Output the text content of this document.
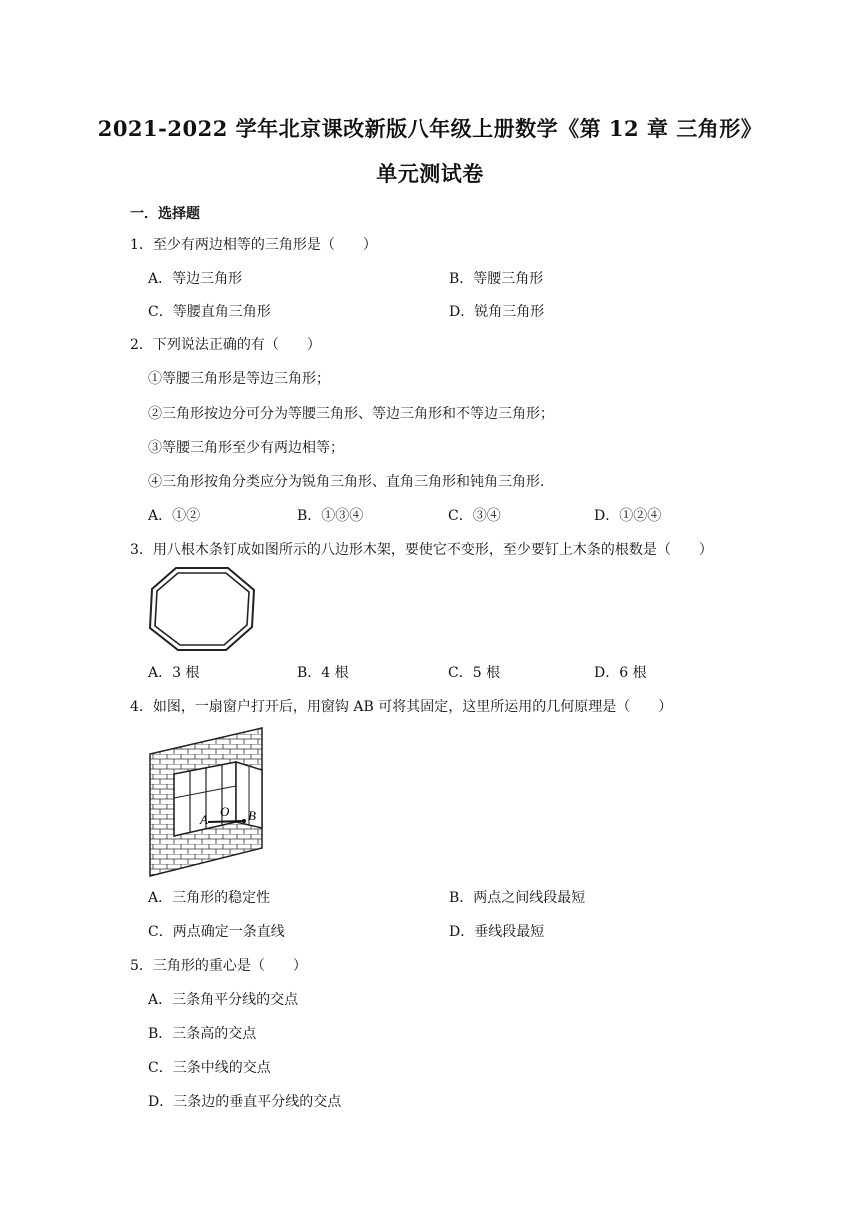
2021-2022 学年北京课改新版八年级上册数学《第 12 章 三角形》
单元测试卷
一．选择题
1．至少有两边相等的三角形是（　　）
A．等边三角形	B．等腰三角形
C．等腰直角三角形	D．锐角三角形
2．下列说法正确的有（　　）
①等腰三角形是等边三角形；
②三角形按边分可分为等腰三角形、等边三角形和不等边三角形；
③等腰三角形至少有两边相等；
④三角形按角分类应分为锐角三角形、直角三角形和钝角三角形．
A．①②	B．①③④	C．③④	D．①②④
3．用八根木条钉成如图所示的八边形木架，要使它不变形，至少要钉上木条的根数是（　　）
A．3 根	B．4 根	C．5 根	D．6 根
4．如图，一扇窗户打开后，用窗钩 AB 可将其固定，这里所运用的几何原理是（　　）
A
O B
A．三角形的稳定性	B．两点之间线段最短
C．两点确定一条直线	D．垂线段最短
5．三角形的重心是（　　）
A．三条角平分线的交点
B．三条高的交点
C．三条中线的交点
D．三条边的垂直平分线的交点
